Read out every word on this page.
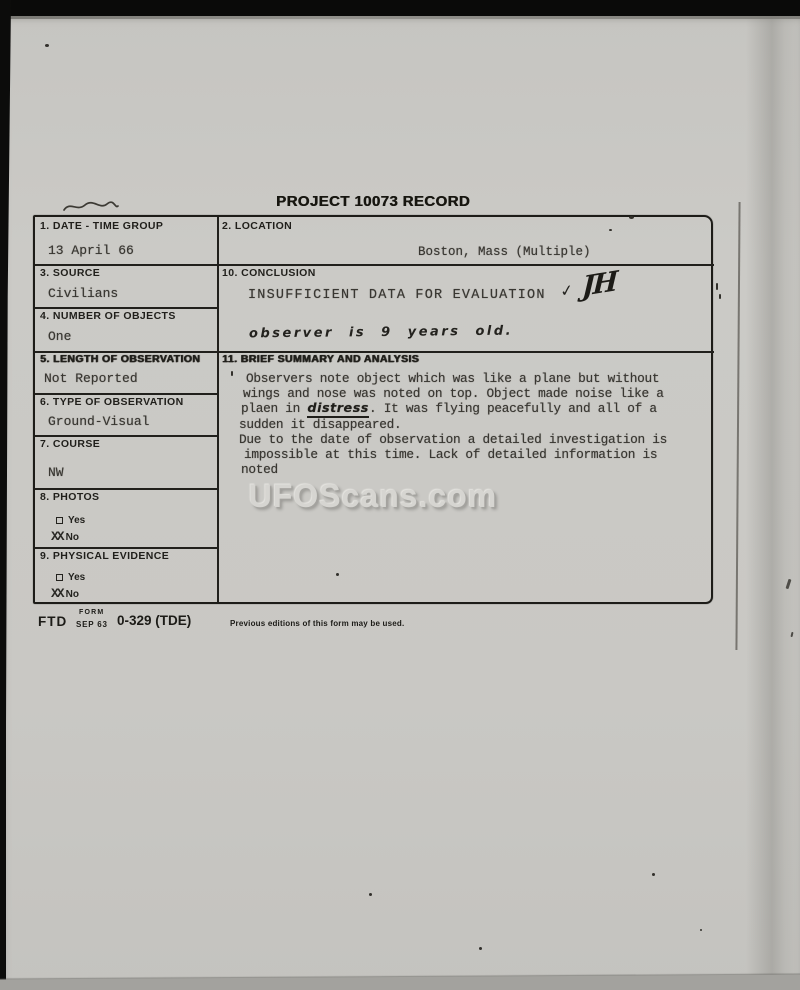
PROJECT 10073 RECORD
1. DATE - TIME GROUP
3. SOURCE
4. NUMBER OF OBJECTS
5. LENGTH OF OBSERVATION
6. TYPE OF OBSERVATION
7. COURSE
8. PHOTOS
9. PHYSICAL EVIDENCE
13 April 66
Civilians
One
Not Reported
Ground-Visual
NW
Yes
XX No
Yes
XX No
2. LOCATION
Boston, Mass (Multiple)
10. CONCLUSION
INSUFFICIENT DATA FOR EVALUATION ✓ JH
observer is 9 years old.
11. BRIEF SUMMARY AND ANALYSIS
Observers note object which was like a plane but without
wings and nose was noted on top. Object made noise like a
plaen in distress. It was flying peacefully and all of a
sudden it disappeared.
Due to the date of observation a detailed investigation is
impossible at this time. Lack of detailed information is
noted
UFOScans.com
FORM
FTD SEP 63 0-329 (TDE)	Previous editions of this form may be used.
